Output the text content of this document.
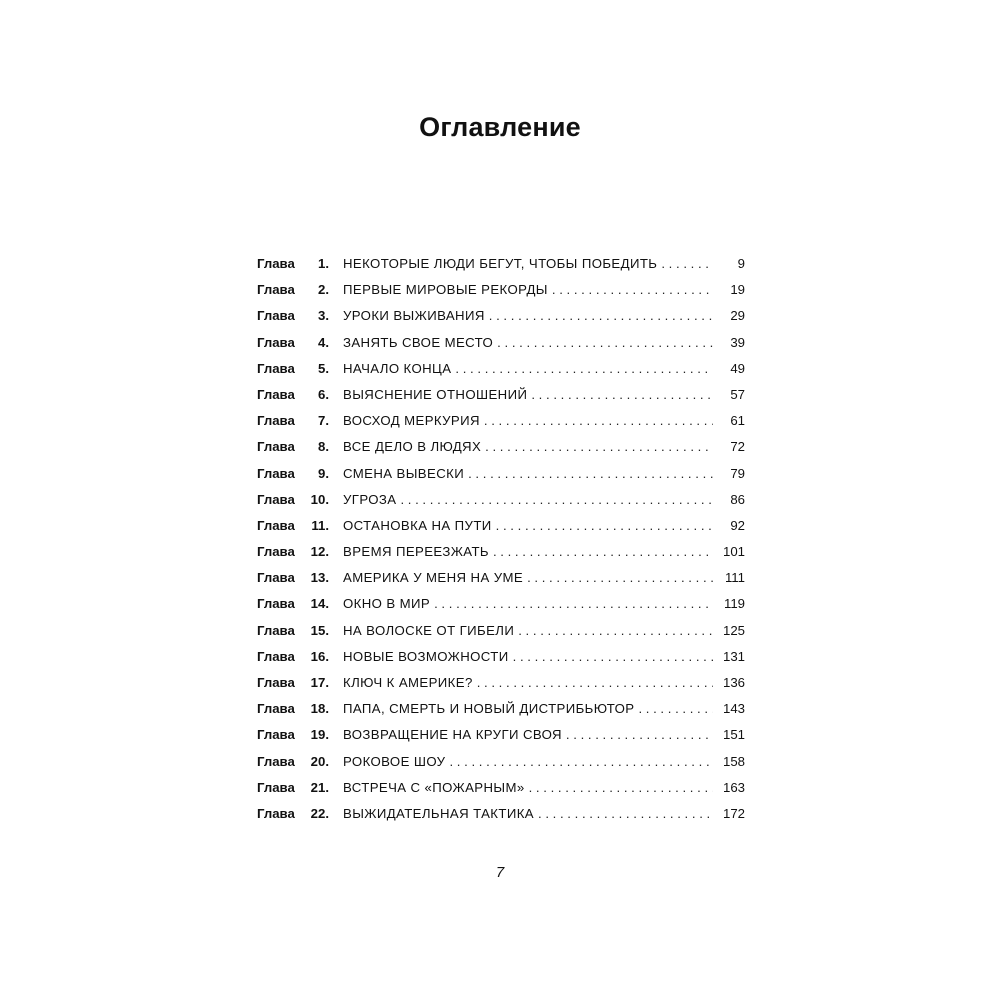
Оглавление
Глава	1. НЕКОТОРЫЕ ЛЮДИ БЕГУТ, ЧТОБЫ ПОБЕДИТЬ . . .	9
Глава	2. ПЕРВЫЕ МИРОВЫЕ РЕКОРДЫ . . .	19
Глава	3. УРОКИ ВЫЖИВАНИЯ . . .	29
Глава	4. ЗАНЯТЬ СВОЕ МЕСТО . . .	39
Глава	5. НАЧАЛО КОНЦА . . .	49
Глава	6. ВЫЯСНЕНИЕ ОТНОШЕНИЙ . . .	57
Глава	7. ВОСХОД МЕРКУРИЯ . . .	61
Глава	8. ВСЕ ДЕЛО В ЛЮДЯХ . . .	72
Глава	9. СМЕНА ВЫВЕСКИ . . .	79
Глава	10. УГРОЗА . . .	86
Глава	11. ОСТАНОВКА НА ПУТИ . . .	92
Глава	12. ВРЕМЯ ПЕРЕЕЗЖАТЬ . . .	101
Глава	13. АМЕРИКА У МЕНЯ НА УМЕ . . .	111
Глава	14. ОКНО В МИР . . .	119
Глава	15. НА ВОЛОСКЕ ОТ ГИБЕЛИ . . .	125
Глава	16. НОВЫЕ ВОЗМОЖНОСТИ . . .	131
Глава	17. КЛЮЧ К АМЕРИКЕ? . . .	136
Глава	18. ПАПА, СМЕРТЬ И НОВЫЙ ДИСТРИБЬЮТОР . . .	143
Глава	19. ВОЗВРАЩЕНИЕ НА КРУГИ СВОЯ . . .	151
Глава	20. РОКОВОЕ ШОУ . . .	158
Глава	21. ВСТРЕЧА С «ПОЖАРНЫМ» . . .	163
Глава	22. ВЫЖИДАТЕЛЬНАЯ ТАКТИКА . . .	172
7
